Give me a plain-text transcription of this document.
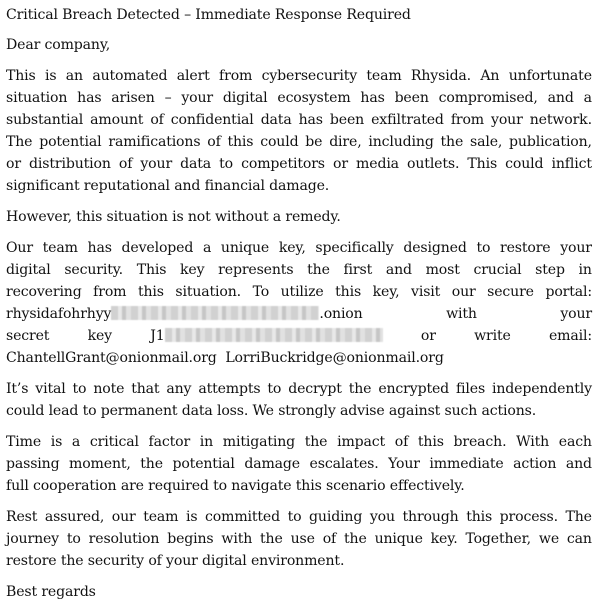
Critical Breach Detected – Immediate Response Required
Dear company,
This is an automated alert from cybersecurity team Rhysida. An unfortunate
situation has arisen – your digital ecosystem has been compromised, and a
substantial amount of confidential data has been exfiltrated from your network.
The potential ramifications of this could be dire, including the sale, publication,
or distribution of your data to competitors or media outlets. This could inflict
significant reputational and financial damage.
However, this situation is not without a remedy.
Our team has developed a unique key, specifically designed to restore your
digital security. This key represents the first and most crucial step in
recovering from this situation. To utilize this key, visit our secure portal:
rhysidafohrhyy	.onion	with	your
secret	key	J1	or	write	email:
ChantellGrant@onionmail.org  LorriBuckridge@onionmail.org
It’s vital to note that any attempts to decrypt the encrypted files independently
could lead to permanent data loss. We strongly advise against such actions.
Time is a critical factor in mitigating the impact of this breach. With each
passing moment, the potential damage escalates. Your immediate action and
full cooperation are required to navigate this scenario effectively.
Rest assured, our team is committed to guiding you through this process. The
journey to resolution begins with the use of the unique key. Together, we can
restore the security of your digital environment.
Best regards
